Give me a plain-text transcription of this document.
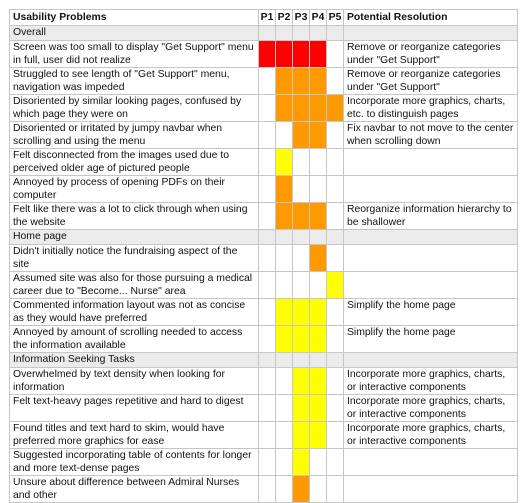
Usability Problems	P1	P2	P3	P4	P5	Potential Resolution
Overall						
Screen was too small to display "Get Support" menu in full, user did not realize						Remove or reorganize categories under "Get Support"
Struggled to see length of "Get Support" menu, navigation was impeded						Remove or reorganize categories under "Get Support"
Disoriented by similar looking pages, confused by which page they were on						Incorporate more graphics, charts, etc. to distinguish pages
Disoriented or irritated by jumpy navbar when scrolling and using the menu						Fix navbar to not move to the center when scrolling down
Felt disconnected from the images used due to perceived older age of pictured people						
Annoyed by process of opening PDFs on their computer						
Felt like there was a lot to click through when using the website						Reorganize information hierarchy to be shallower
Home page						
Didn't initially notice the fundraising aspect of the site						
Assumed site was also for those pursuing a medical career due to "Become... Nurse" area						
Commented information layout was not as concise as they would have preferred						Simplify the home page
Annoyed by amount of scrolling needed to access the information available						Simplify the home page
Information Seeking Tasks						
Overwhelmed by text density when looking for information						Incorporate more graphics, charts, or interactive components
Felt text-heavy pages repetitive and hard to digest						Incorporate more graphics, charts, or interactive components
Found titles and text hard to skim, would have preferred more graphics for ease						Incorporate more graphics, charts, or interactive components
Suggested incorporating table of contents for longer and more text-dense pages						
Unsure about difference between Admiral Nurses and other						
